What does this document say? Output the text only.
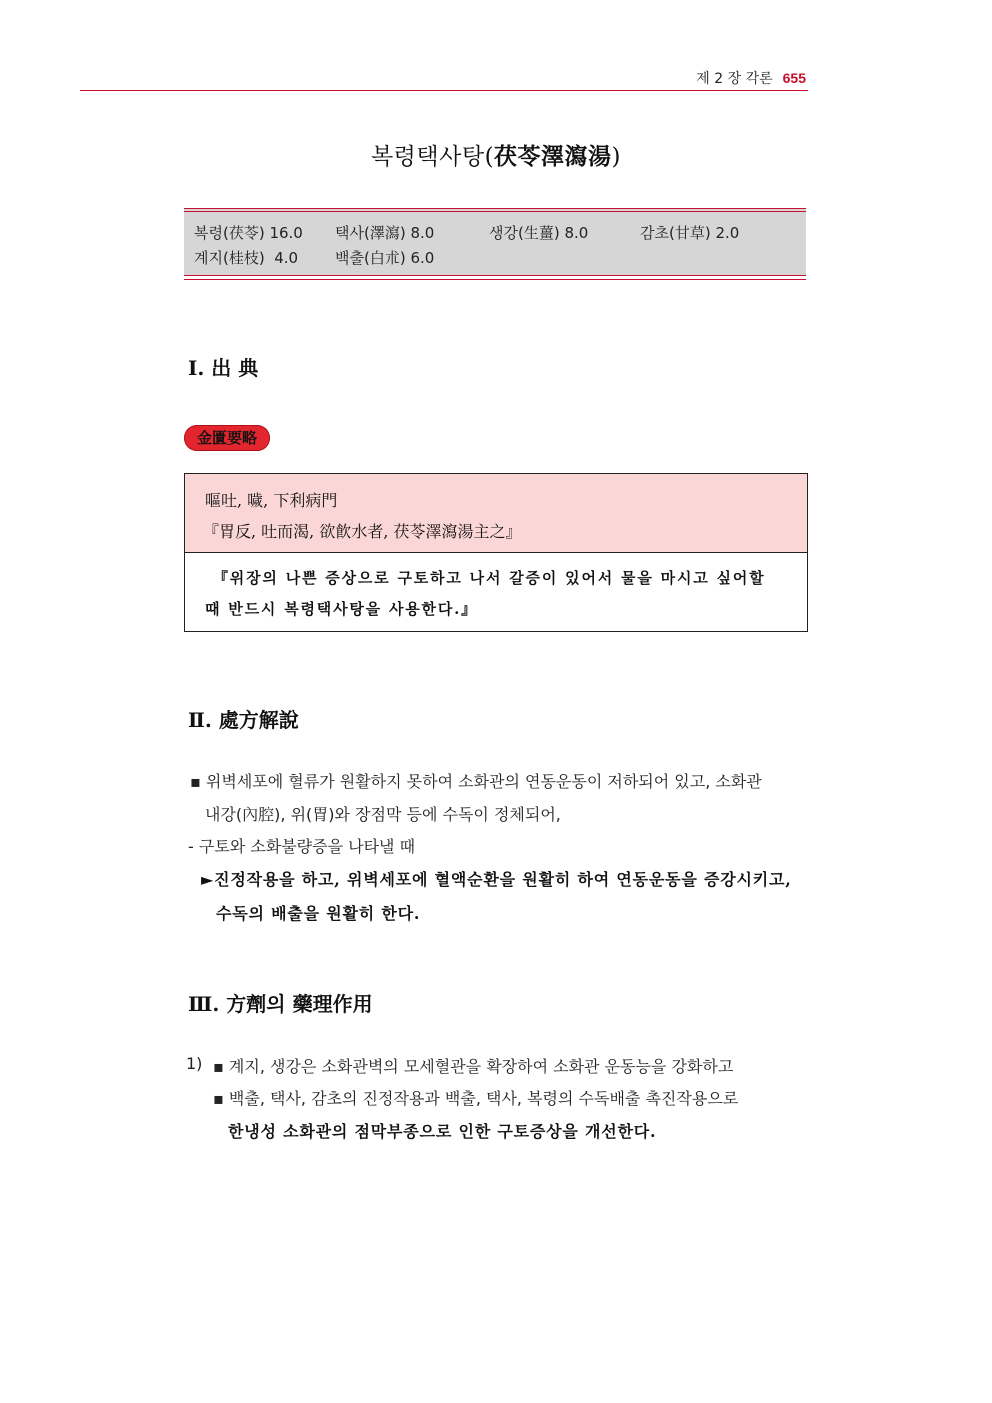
제 2 장 각론 655
복령택사탕(茯苓澤瀉湯)
복령(茯苓) 16.0 택사(澤瀉) 8.0	생강(生薑) 8.0	감초(甘草) 2.0
계지(桂枝)  4.0 백출(白朮) 6.0
Ⅰ. 出 典
金匱要略
嘔吐, 噦, 下利病門
『胃反, 吐而渴, 欲飮水者, 茯苓澤瀉湯主之』
『위장의 나쁜 증상으로 구토하고 나서 갈증이 있어서 물을 마시고 싶어할
때 반드시 복령택사탕을 사용한다.』
Ⅱ. 處方解說
▪ 위벽세포에 혈류가 원활하지 못하여 소화관의 연동운동이 저하되어 있고, 소화관
내강(內腔), 위(胃)와 장점막 등에 수독이 정체되어,
- 구토와 소화불량증을 나타낼 때
►진정작용을 하고, 위벽세포에 혈액순환을 원활히 하여 연동운동을 증강시키고,
수독의 배출을 원활히 한다.
Ⅲ. 方劑의 藥理作用
1) ▪ 계지, 생강은 소화관벽의 모세혈관을 확장하여 소화관 운동능을 강화하고
▪ 백출, 택사, 감초의 진정작용과 백출, 택사, 복령의 수독배출 촉진작용으로
한냉성 소화관의 점막부종으로 인한 구토증상을 개선한다.
